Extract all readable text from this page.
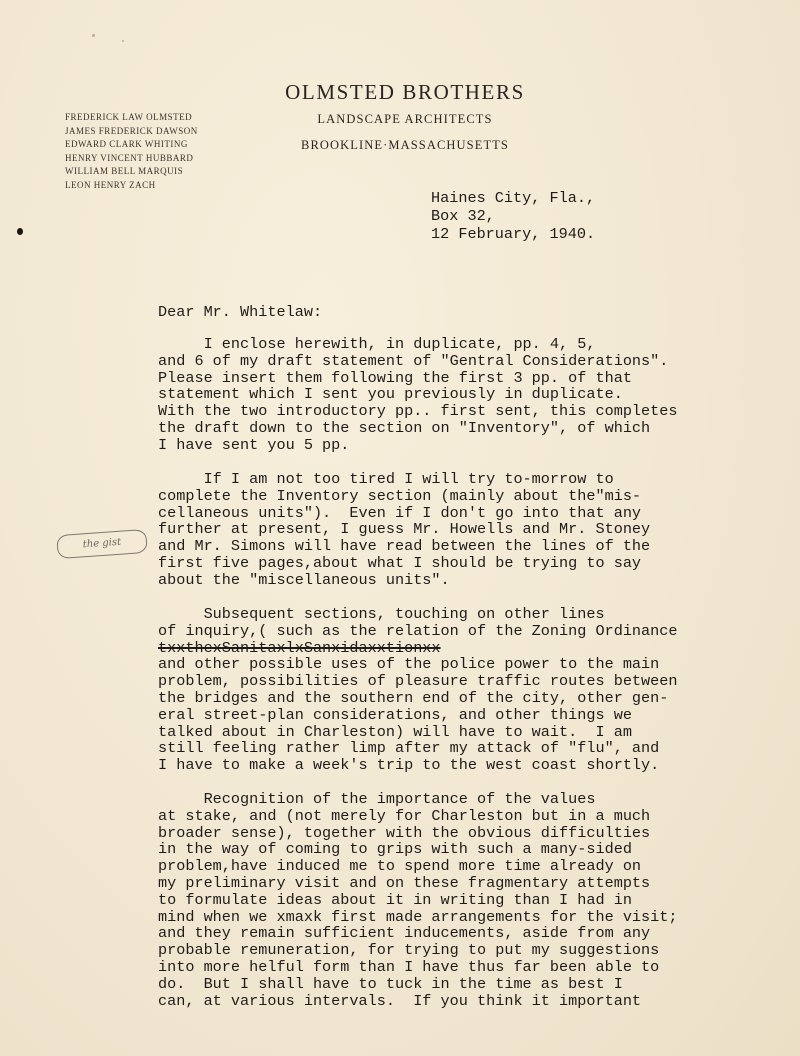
OLMSTED BROTHERS
LANDSCAPE ARCHITECTS
BROOKLINE·MASSACHUSETTS
FREDERICK LAW OLMSTED
JAMES FREDERICK DAWSON
EDWARD CLARK WHITING
HENRY VINCENT HUBBARD
WILLIAM BELL MARQUIS
LEON HENRY ZACH
Haines City, Fla.,
Box 32,
12 February, 1940.
Dear Mr. Whitelaw:
the gist
I enclose herewith, in duplicate, pp. 4, 5,
and 6 of my draft statement of "Gentral Considerations".
Please insert them following the first 3 pp. of that
statement which I sent you previously in duplicate.
With the two introductory pp.. first sent, this completes
the draft down to the section on "Inventory", of which
I have sent you 5 pp.
If I am not too tired I will try to-morrow to
complete the Inventory section (mainly about the"mis-
cellaneous units").  Even if I don't go into that any
further at present, I guess Mr. Howells and Mr. Stoney
and Mr. Simons will have read between the lines of the
first five pages,about what I should be trying to say
about the "miscellaneous units".
Subsequent sections, touching on other lines
of inquiry,( such as the relation of the Zoning Ordinance
txxthexSanitaxlxSanxidaxxtionxx
and other possible uses of the police power to the main
problem, possibilities of pleasure traffic routes between
the bridges and the southern end of the city, other gen-
eral street-plan considerations, and other things we
talked about in Charleston) will have to wait.  I am
still feeling rather limp after my attack of "flu", and
I have to make a week's trip to the west coast shortly.
Recognition of the importance of the values
at stake, and (not merely for Charleston but in a much
broader sense), together with the obvious difficulties
in the way of coming to grips with such a many-sided
problem,have induced me to spend more time already on
my preliminary visit and on these fragmentary attempts
to formulate ideas about it in writing than I had in
mind when we xmaxk first made arrangements for the visit;
and they remain sufficient inducements, aside from any
probable remuneration, for trying to put my suggestions
into more helful form than I have thus far been able to
do.  But I shall have to tuck in the time as best I
can, at various intervals.  If you think it important
